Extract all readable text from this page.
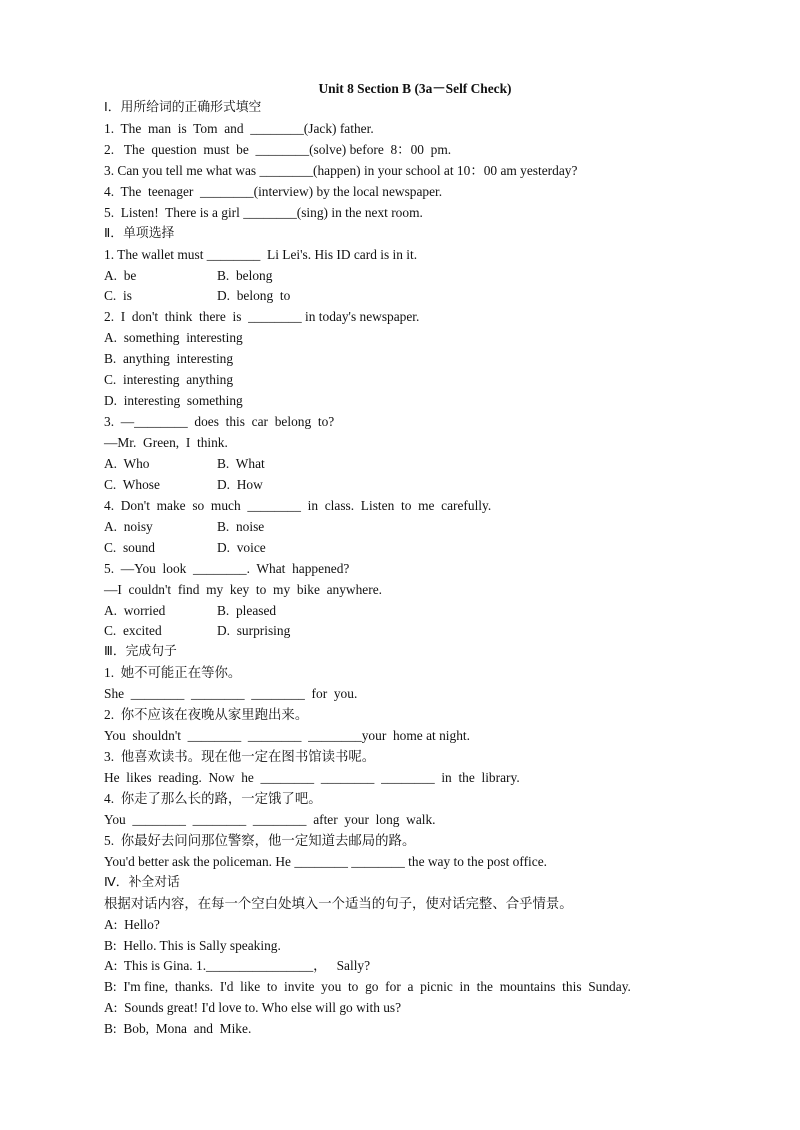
Unit 8 Section B (3a－Self Check)
Ⅰ．用所给词的正确形式填空
1.  The  man  is  Tom  and  ________(Jack) father.
2.   The  question  must  be  ________(solve) before  8：00  pm.
3. Can you tell me what was ________(happen) in your school at 10：00 am yesterday?
4.  The  teenager  ________(interview) by the local newspaper.
5.  Listen!  There is a girl ________(sing) in the next room.
Ⅱ．单项选择
1. The wallet must ________  Li Lei's. His ID card is in it.
A.  be	B.  belong
C.  is	D.  belong  to
2.  I  don't  think  there  is  ________ in today's newspaper.
A.  something  interesting
B.  anything  interesting
C.  interesting  anything
D.  interesting  something
3.  —________  does  this  car  belong  to?
—Mr.  Green,  I  think.
A.  Who	B.  What
C.  Whose	D.  How
4.  Don't  make  so  much  ________  in  class.  Listen  to  me  carefully.
A.  noisy	B.  noise
C.  sound	D.  voice
5.  —You  look  ________.  What  happened?
—I  couldn't  find  my  key  to  my  bike  anywhere.
A.  worried	B.  pleased
C.  excited	D.  surprising
Ⅲ．完成句子
1.  她不可能正在等你。
She  ________  ________  ________  for  you.
2.  你不应该在夜晚从家里跑出来。
You  shouldn't  ________  ________  ________your  home at night.
3.  他喜欢读书。现在他一定在图书馆读书呢。
He  likes  reading.  Now  he  ________  ________  ________  in  the  library.
4.  你走了那么长的路，一定饿了吧。
You  ________  ________  ________  after  your  long  walk.
5.  你最好去问问那位警察，他一定知道去邮局的路。
You'd better ask the policeman. He ________ ________ the way to the post office.
Ⅳ．补全对话
根据对话内容，在每一个空白处填入一个适当的句子，使对话完整、合乎情景。
A:  Hello?
B:  Hello. This is Sally speaking.
A:  This is Gina. 1.________________，   Sally?
B:  I'm fine,  thanks.  I'd  like  to  invite  you  to  go  for  a  picnic  in  the  mountains  this  Sunday.
A:  Sounds great! I'd love to. Who else will go with us?
B:  Bob,  Mona  and  Mike.
